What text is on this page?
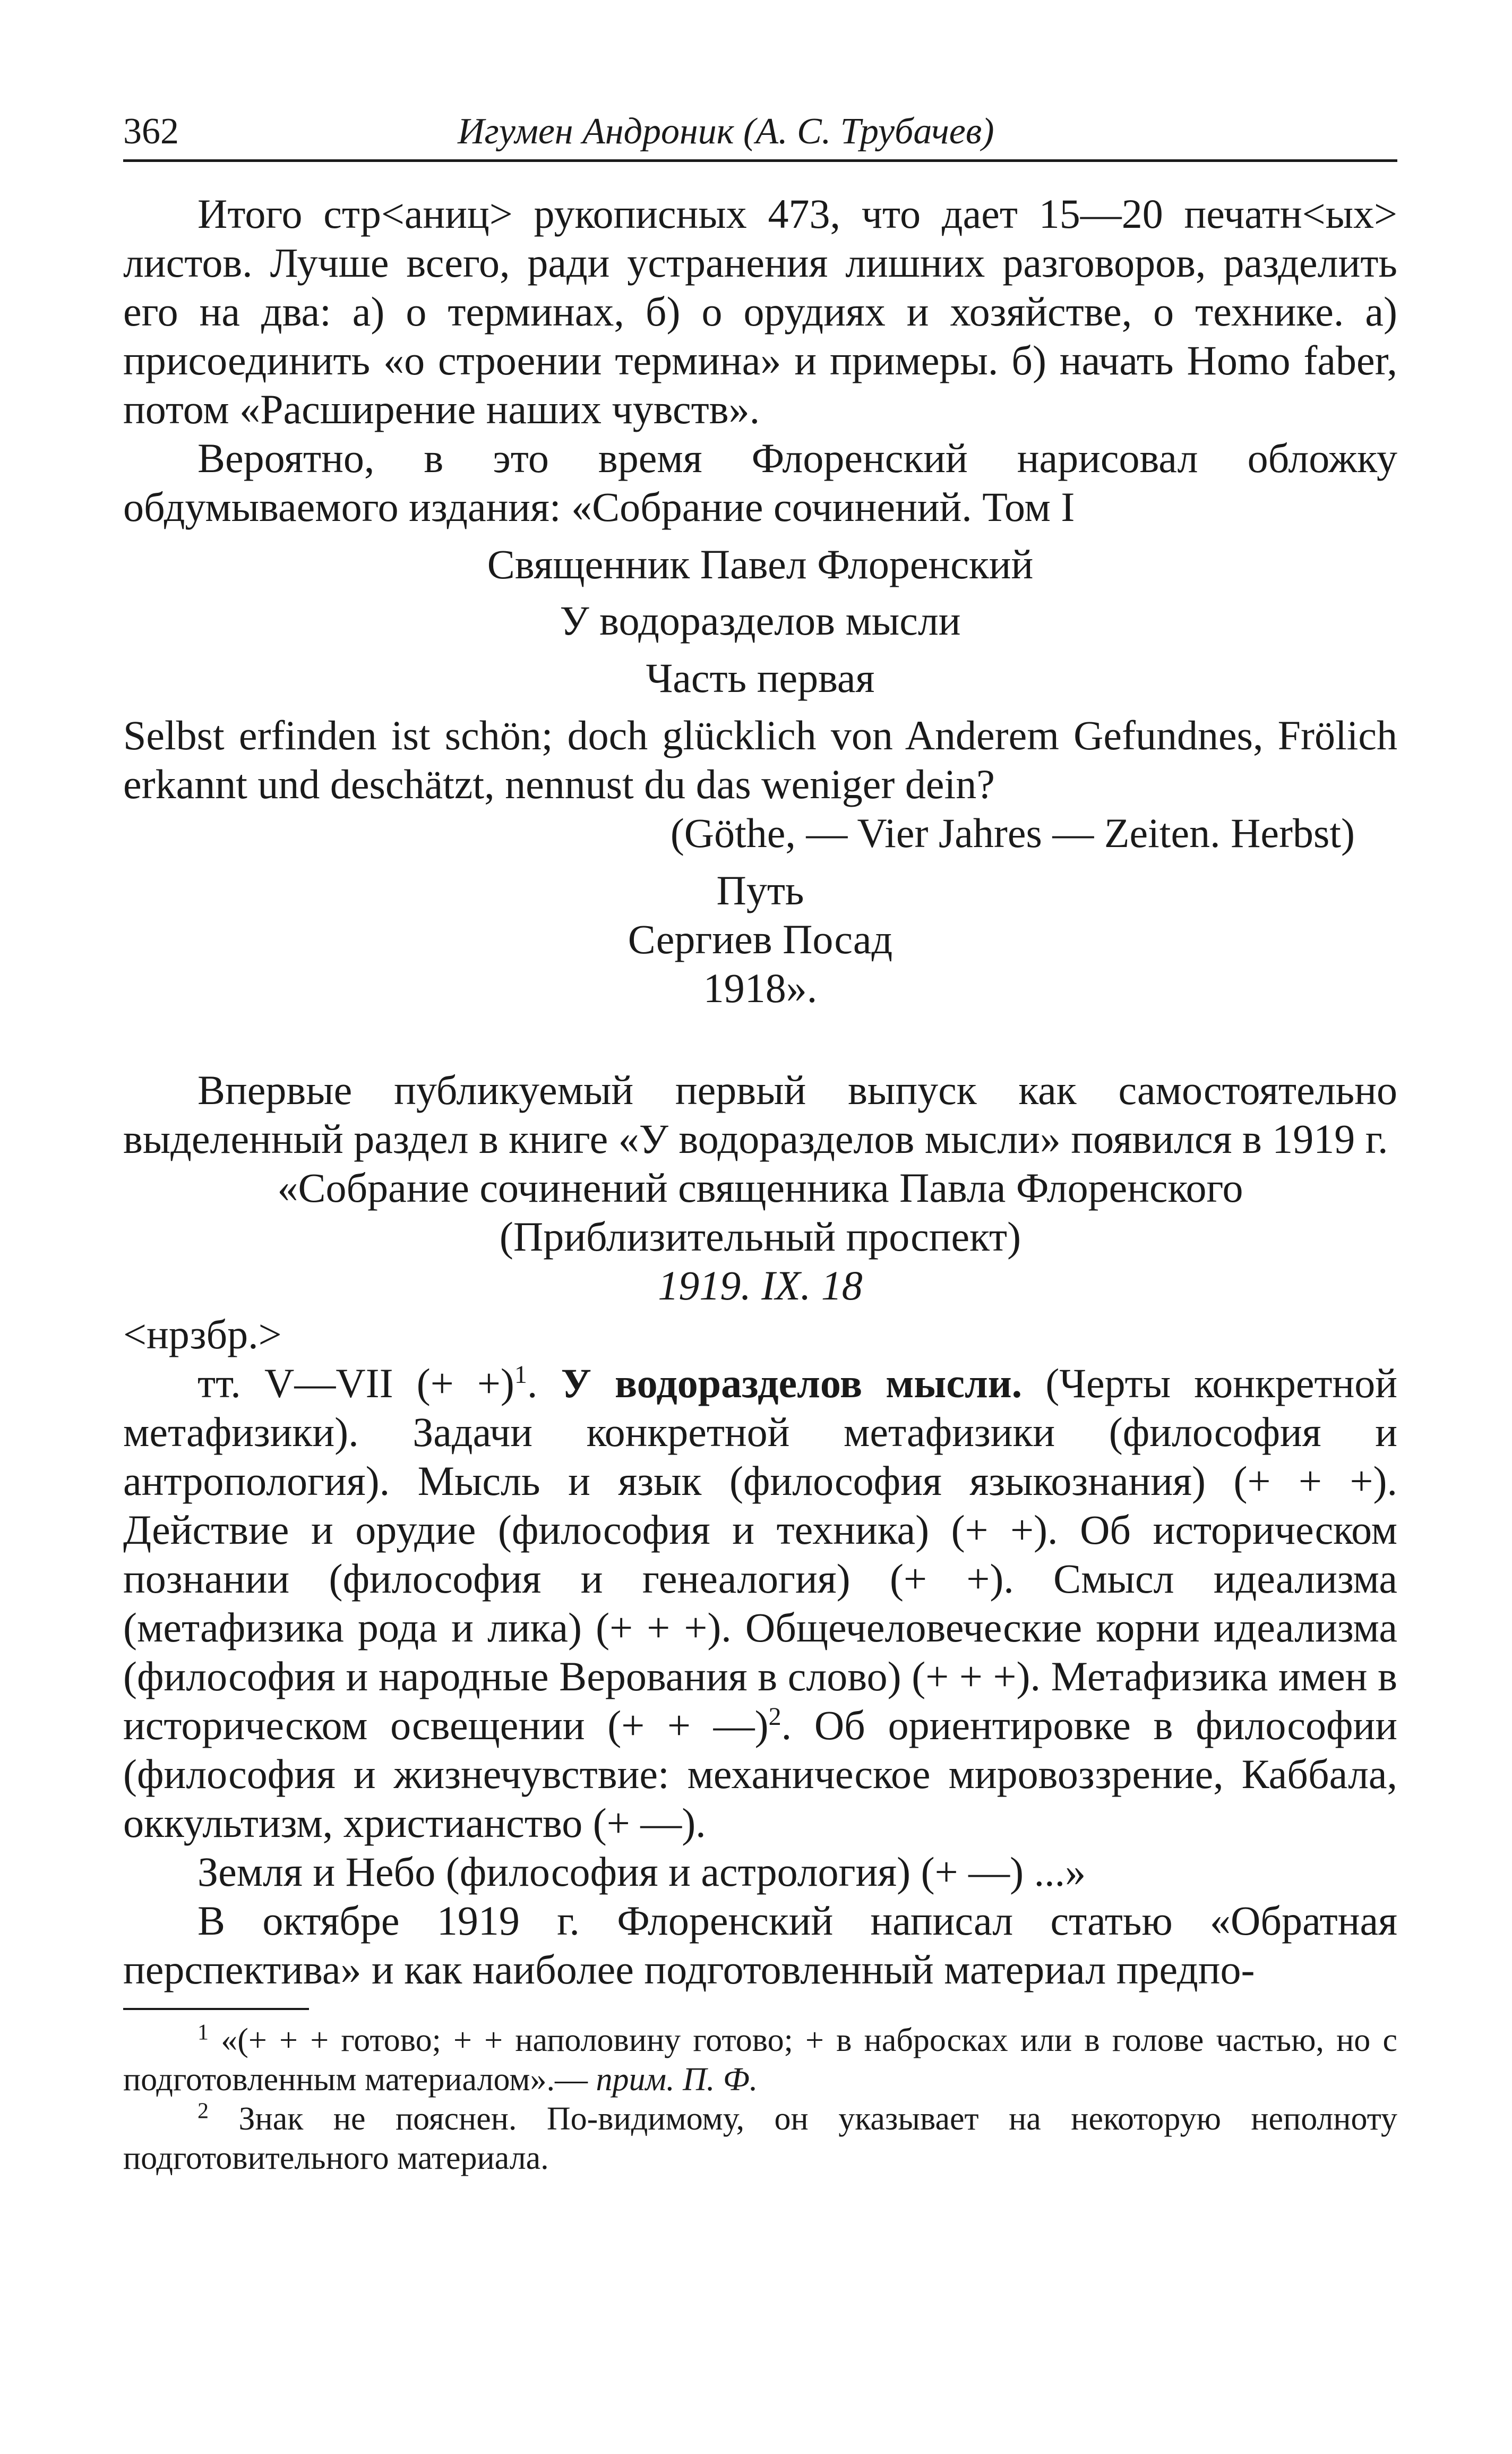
362	Игумен Андроник (А. С. Трубачев)

Итого стр<аниц> рукописных 473, что дает 15—20 печатн<ых> листов. Лучше всего, ради устранения лишних разговоров, разделить его на два: а) о терминах, б) о орудиях и хозяйстве, о технике. а) присоединить «о строении термина» и примеры. б) начать Homo faber, потом «Расширение наших чувств».

Вероятно, в это время Флоренский нарисовал обложку обдумываемого издания: «Собрание сочинений. Том I

Священник Павел Флоренский

У водоразделов мысли

Часть первая

Selbst erfinden ist schön; doch glücklich von Anderem Gefundnes, Frölich erkannt und deschätzt, nennust du das weniger dein?

(Göthe, — Vier Jahres — Zeiten. Herbst)

Путь

Сергиев Посад

1918».

Впервые публикуемый первый выпуск как самостоятельно выделенный раздел в книге «У водоразделов мысли» появился в 1919 г.

«Собрание сочинений священника Павла Флоренского

(Приблизительный проспект)

1919. IX. 18

<нрзбр.>

тт. V—VII (+ +)$^1$. У водоразделов мысли. (Черты конкретной метафизики). Задачи конкретной метафизики (философия и антропология). Мысль и язык (философия языкознания) (+ + +). Действие и орудие (философия и техника) (+ +). Об историческом познании (философия и генеалогия) (+ +). Смысл идеализма (метафизика рода и лика) (+ + +). Общечеловеческие корни идеализма (философия и народные Верования в слово) (+ + +). Метафизика имен в историческом освещении (+ + —)$^2$. Об ориентировке в философии (философия и жизнечувствие: механическое мировоззрение, Каббала, оккультизм, христианство (+ —).

Земля и Небо (философия и астрология) (+ —) ...»

В октябре 1919 г. Флоренский написал статью «Обратная перспектива» и как наиболее подготовленный материал предпо-

$^1$ «(+ + + готово; + + наполовину готово; + в набросках или в голове частью, но с подготовленным материалом».— прим. П. Ф.

$^2$ Знак не пояснен. По-видимому, он указывает на некоторую неполноту подготовительного материала.
